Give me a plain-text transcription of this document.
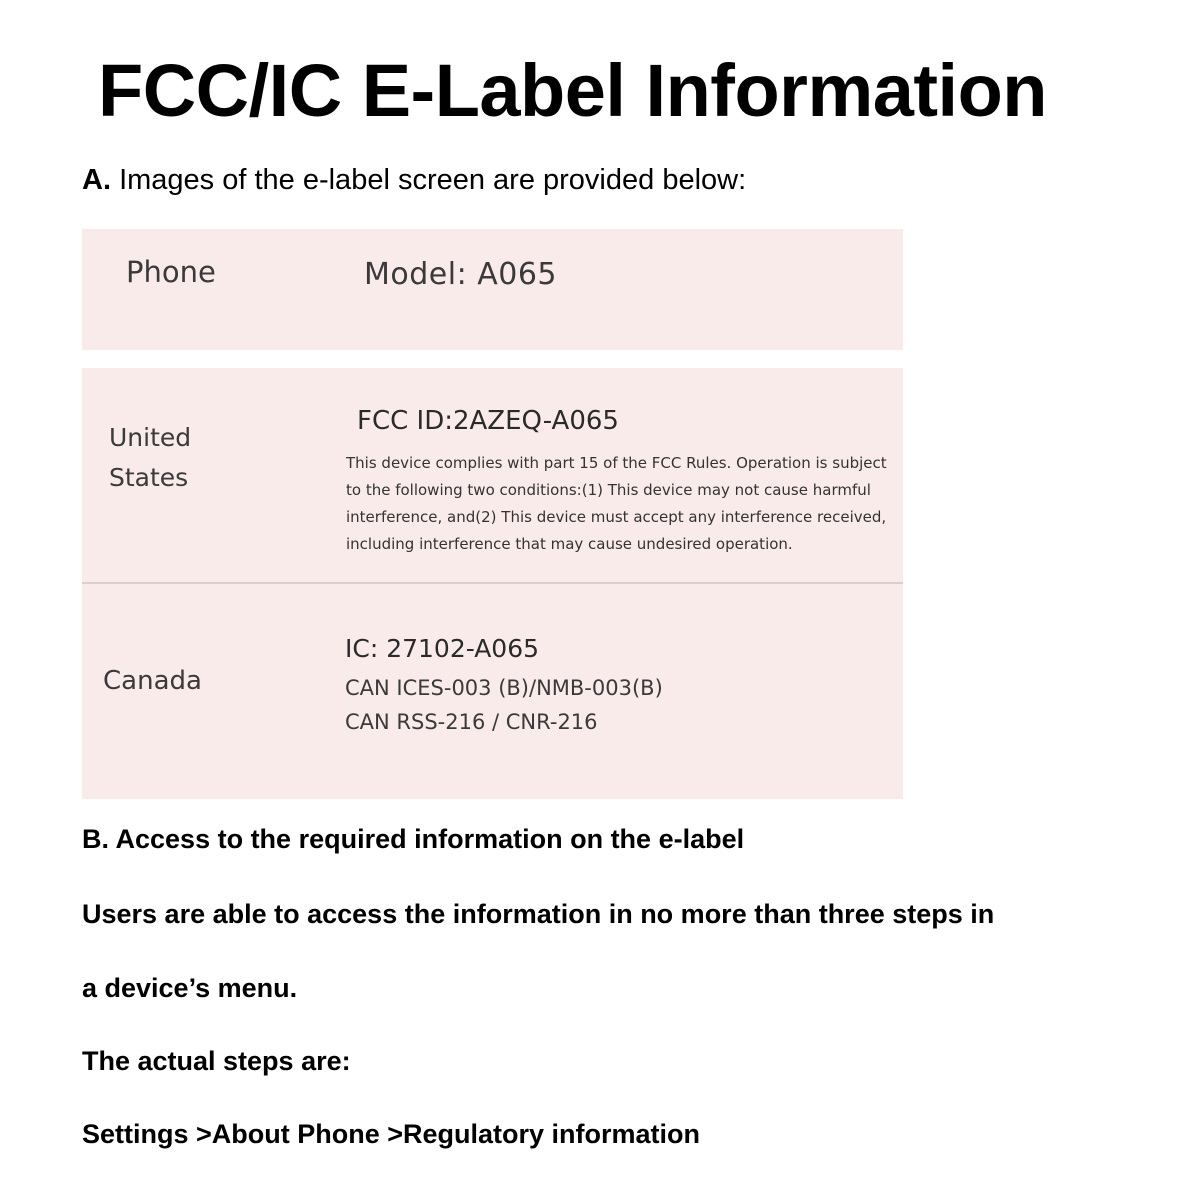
FCC/IC E-Label Information
A. Images of the e-label screen are provided below:
Phone	Model: A065
United States
FCC ID:2AZEQ-A065
This device complies with part 15 of the FCC Rules. Operation is subject
to the following two conditions:(1) This device may not cause harmful
interference, and(2) This device must accept any interference received,
including interference that may cause undesired operation.
Canada
IC: 27102-A065
CAN ICES-003 (B)/NMB-003(B)
CAN RSS-216 / CNR-216
B. Access to the required information on the e-label
Users are able to access the information in no more than three steps in
a device’s menu.
The actual steps are:
Settings >About Phone >Regulatory information
